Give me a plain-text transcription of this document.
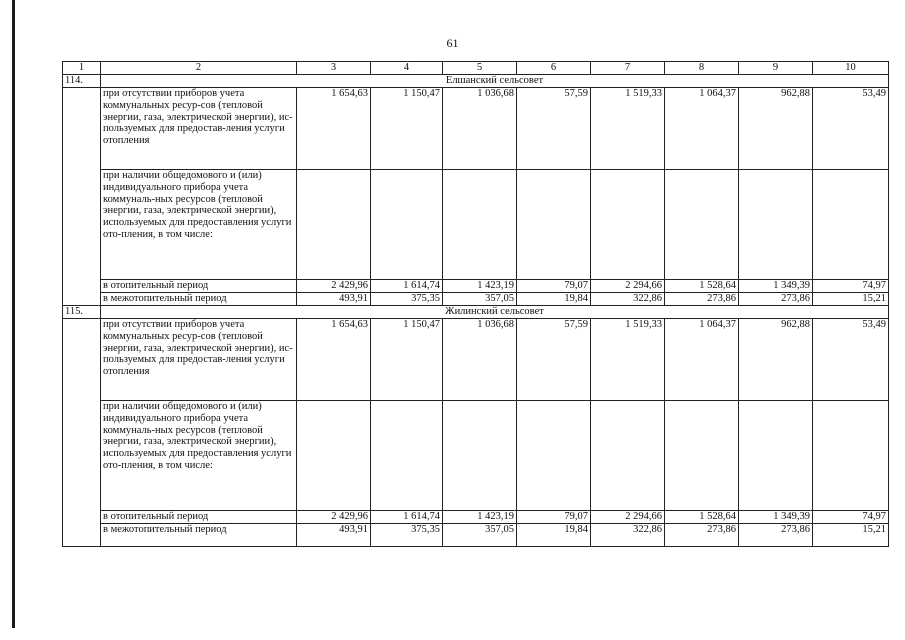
61
1	2	3	4	5	6	7	8	9	10
114.	Елшанский сельсовет								
	при отсутствии приборов учета коммунальных ресур-сов (тепловой энергии, газа, электрической энергии), ис-пользуемых для предостав-ления услуги отопления	1 654,63	1 150,47	1 036,68	57,59	1 519,33	1 064,37	962,88	53,49
	при наличии общедомового и (или) индивидуального прибора учета коммуналь-ных ресурсов (тепловой энергии, газа, электрической энергии), используемых для предоставления услуги ото-пления, в том числе:								
	в отопительный период	2 429,96	1 614,74	1 423,19	79,07	2 294,66	1 528,64	1 349,39	74,97
	в межотопительный период	493,91	375,35	357,05	19,84	322,86	273,86	273,86	15,21
115.	Жилинский сельсовет								
	при отсутствии приборов учета коммунальных ресур-сов (тепловой энергии, газа, электрической энергии), ис-пользуемых для предостав-ления услуги отопления	1 654,63	1 150,47	1 036,68	57,59	1 519,33	1 064,37	962,88	53,49
	при наличии общедомового и (или) индивидуального прибора учета коммуналь-ных ресурсов (тепловой энергии, газа, электрической энергии), используемых для предоставления услуги ото-пления, в том числе:								
	в отопительный период	2 429,96	1 614,74	1 423,19	79,07	2 294,66	1 528,64	1 349,39	74,97
	в межотопительный период	493,91	375,35	357,05	19,84	322,86	273,86	273,86	15,21
